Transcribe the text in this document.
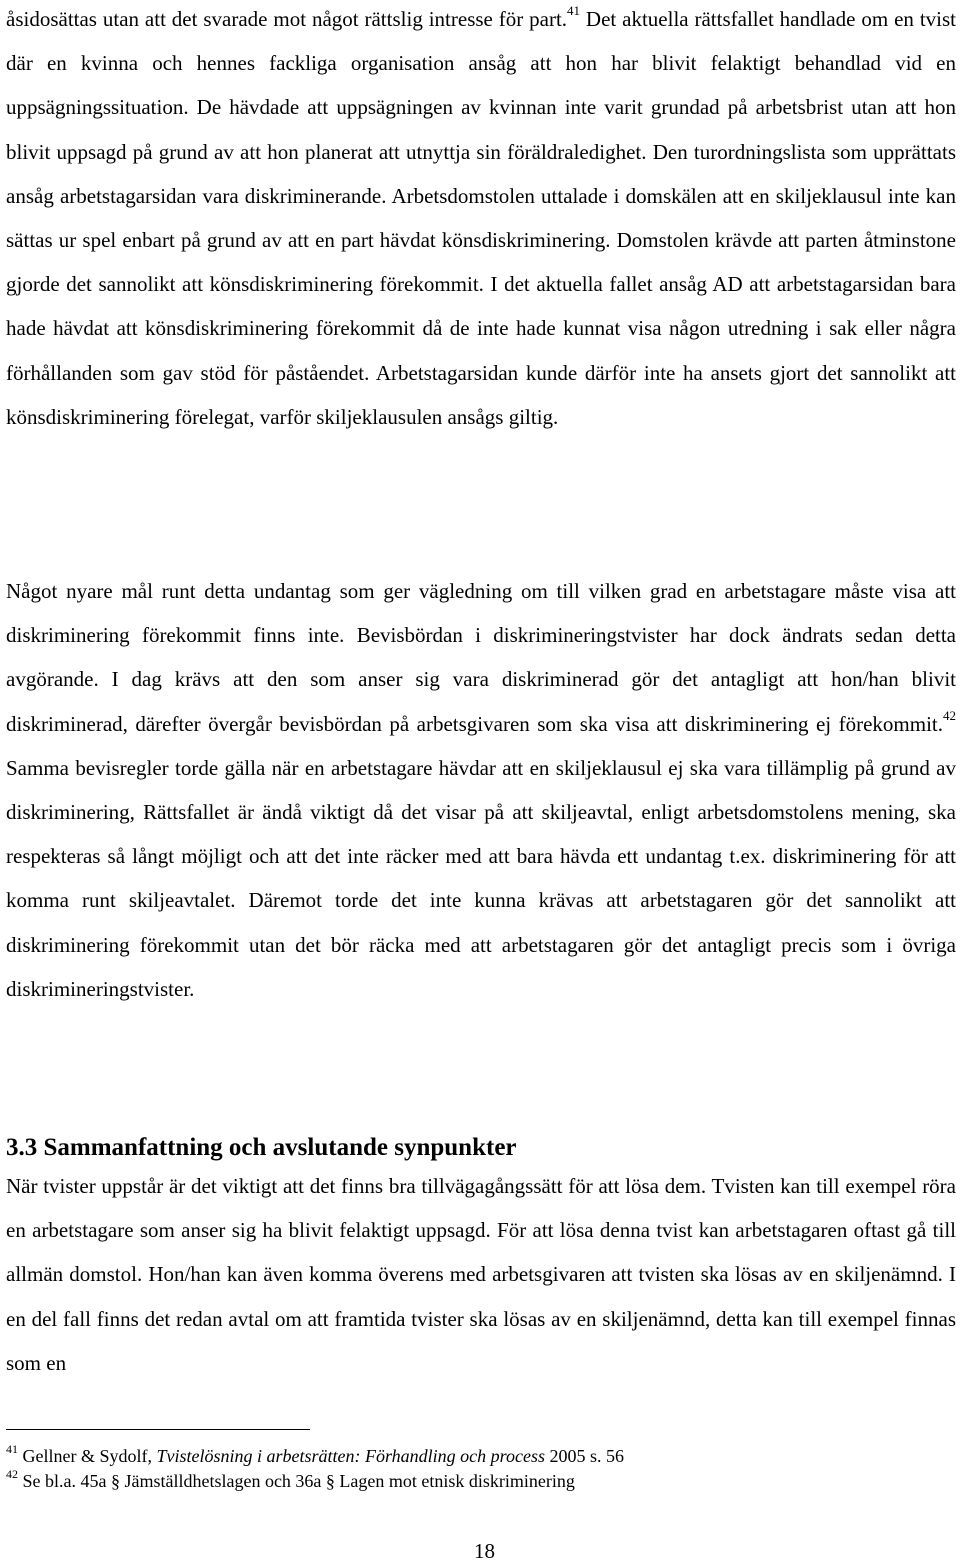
åsidosättas utan att det svarade mot något rättslig intresse för part.$^{41}$ Det aktuella rättsfallet handlade om en tvist där en kvinna och hennes fackliga organisation ansåg att hon har blivit felaktigt behandlad vid en uppsägningssituation. De hävdade att uppsägningen av kvinnan inte varit grundad på arbetsbrist utan att hon blivit uppsagd på grund av att hon planerat att utnyttja sin föräldraledighet. Den turordningslista som upprättats ansåg arbetstagarsidan vara diskriminerande. Arbetsdomstolen uttalade i domskälen att en skiljeklausul inte kan sättas ur spel enbart på grund av att en part hävdat könsdiskriminering. Domstolen krävde att parten åtminstone gjorde det sannolikt att könsdiskriminering förekommit. I det aktuella fallet ansåg AD att arbetstagarsidan bara hade hävdat att könsdiskriminering förekommit då de inte hade kunnat visa någon utredning i sak eller några förhållanden som gav stöd för påståendet. Arbetstagarsidan kunde därför inte ha ansets gjort det sannolikt att könsdiskriminering förelegat, varför skiljeklausulen ansågs giltig.

Något nyare mål runt detta undantag som ger vägledning om till vilken grad en arbetstagare måste visa att diskriminering förekommit finns inte. Bevisbördan i diskrimineringstvister har dock ändrats sedan detta avgörande. I dag krävs att den som anser sig vara diskriminerad gör det antagligt att hon/han blivit diskriminerad, därefter övergår bevisbördan på arbetsgivaren som ska visa att diskriminering ej förekommit.$^{42}$ Samma bevisregler torde gälla när en arbetstagare hävdar att en skiljeklausul ej ska vara tillämplig på grund av diskriminering, Rättsfallet är ändå viktigt då det visar på att skiljeavtal, enligt arbetsdomstolens mening, ska respekteras så långt möjligt och att det inte räcker med att bara hävda ett undantag t.ex. diskriminering för att komma runt skiljeavtalet. Däremot torde det inte kunna krävas att arbetstagaren gör det sannolikt att diskriminering förekommit utan det bör räcka med att arbetstagaren gör det antagligt precis som i övriga diskrimineringstvister.

3.3 Sammanfattning och avslutande synpunkter

När tvister uppstår är det viktigt att det finns bra tillvägagångssätt för att lösa dem. Tvisten kan till exempel röra en arbetstagare som anser sig ha blivit felaktigt uppsagd. För att lösa denna tvist kan arbetstagaren oftast gå till allmän domstol. Hon/han kan även komma överens med arbetsgivaren att tvisten ska lösas av en skiljenämnd. I en del fall finns det redan avtal om att framtida tvister ska lösas av en skiljenämnd, detta kan till exempel finnas som en

$^{41}$ Gellner & Sydolf, Tvistelösning i arbetsrätten: Förhandling och process 2005 s. 56

$^{42}$ Se bl.a. 45a § Jämställdhetslagen och 36a § Lagen mot etnisk diskriminering

18
